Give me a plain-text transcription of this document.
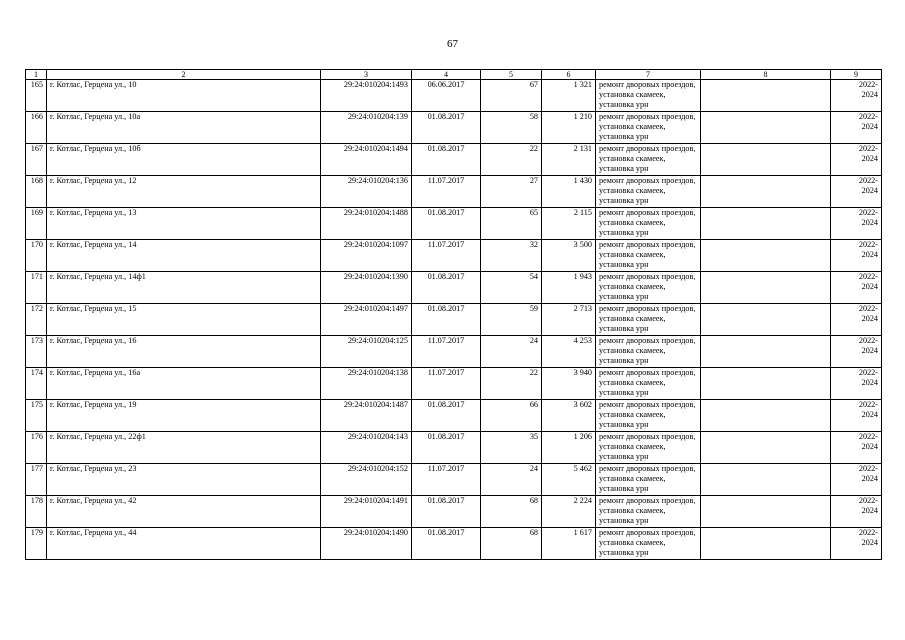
67
1	2	3	4	5	6	7	8	9
165	г. Котлас, Герцена ул., 10	29:24:010204:1493	06.06.2017	67	1 321	ремонт дворовых проездов, установка скамеек, установка урн		2022-
2024

166	г. Котлас, Герцена ул., 10а	29:24:010204:139	01.08.2017	58	1 210	ремонт дворовых проездов, установка скамеек, установка урн		2022-
2024

167	г. Котлас, Герцена ул., 10б	29:24:010204:1494	01.08.2017	22	2 131	ремонт дворовых проездов, установка скамеек, установка урн		2022-
2024

168	г. Котлас, Герцена ул., 12	29:24:010204:136	11.07.2017	27	1 430	ремонт дворовых проездов, установка скамеек, установка урн		2022-
2024

169	г. Котлас, Герцена ул., 13	29:24:010204:1488	01.08.2017	65	2 115	ремонт дворовых проездов, установка скамеек, установка урн		2022-
2024

170	г. Котлас, Герцена ул., 14	29:24:010204:1097	11.07.2017	32	3 500	ремонт дворовых проездов, установка скамеек, установка урн		2022-
2024

171	г. Котлас, Герцена ул., 14ф1	29:24:010204:1390	01.08.2017	54	1 943	ремонт дворовых проездов, установка скамеек, установка урн		2022-
2024

172	г. Котлас, Герцена ул., 15	29:24:010204:1497	01.08.2017	59	2 713	ремонт дворовых проездов, установка скамеек, установка урн		2022-
2024

173	г. Котлас, Герцена ул., 16	29:24:010204:125	11.07.2017	24	4 253	ремонт дворовых проездов, установка скамеек, установка урн		2022-
2024

174	г. Котлас, Герцена ул., 16а	29:24:010204:138	11.07.2017	22	3 940	ремонт дворовых проездов, установка скамеек, установка урн		2022-
2024

175	г. Котлас, Герцена ул., 19	29:24:010204:1487	01.08.2017	66	3 602	ремонт дворовых проездов, установка скамеек, установка урн		2022-
2024

176	г. Котлас, Герцена ул., 22ф1	29:24:010204:143	01.08.2017	35	1 206	ремонт дворовых проездов, установка скамеек, установка урн		2022-
2024

177	г. Котлас, Герцена ул., 23	29:24:010204:152	11.07.2017	24	5 462	ремонт дворовых проездов, установка скамеек, установка урн		2022-
2024

178	г. Котлас, Герцена ул., 42	29:24:010204:1491	01.08.2017	68	2 224	ремонт дворовых проездов, установка скамеек, установка урн		2022-
2024

179	г. Котлас, Герцена ул., 44	29:24:010204:1490	01.08.2017	68	1 617	ремонт дворовых проездов, установка скамеек, установка урн		2022-
2024
